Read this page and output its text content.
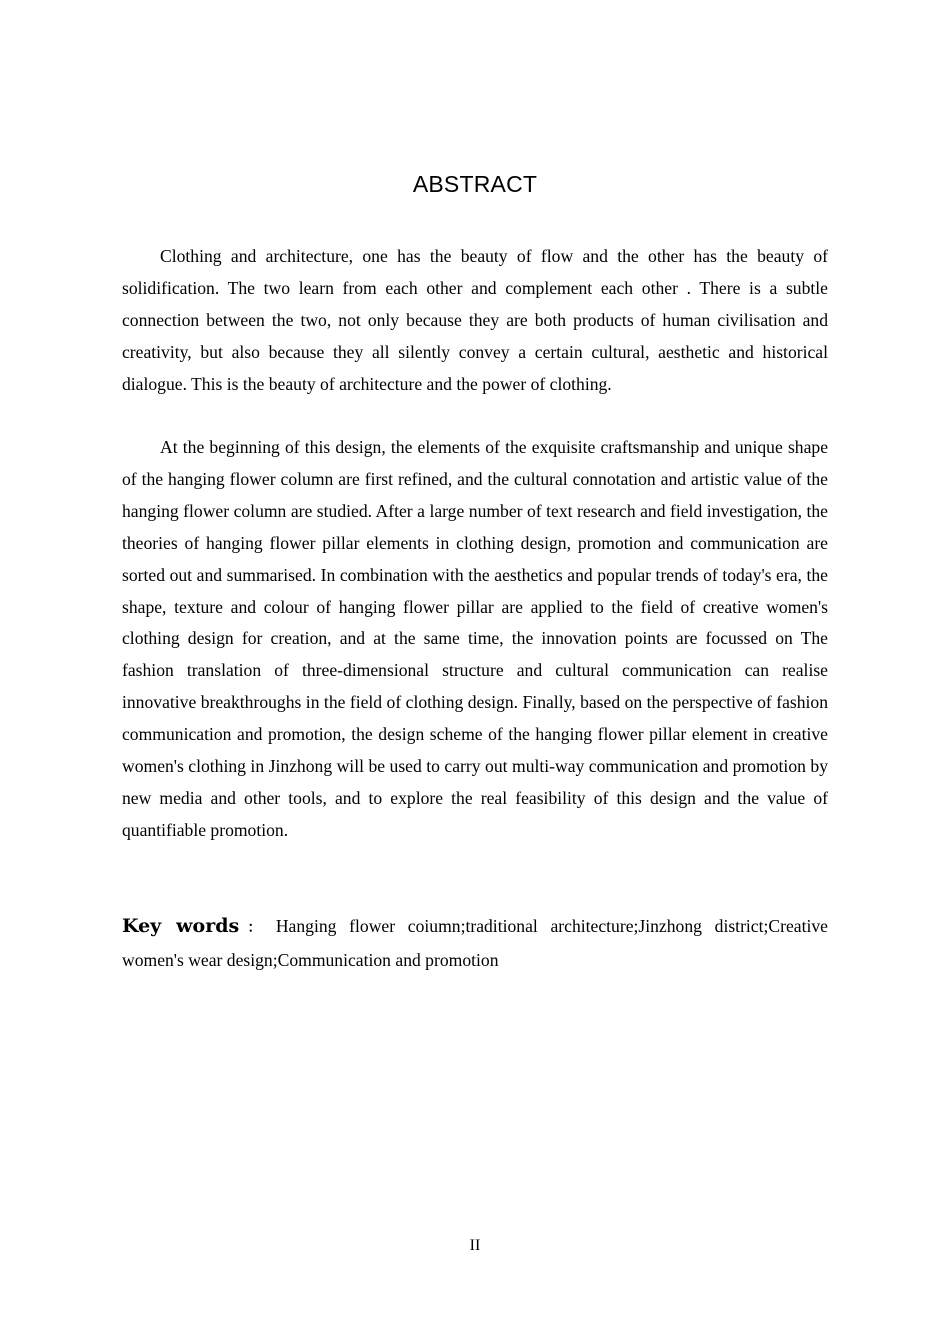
ABSTRACT

Clothing and architecture, one has the beauty of flow and the other has the beauty of solidification. The two learn from each other and complement each other . There is a subtle connection between the two, not only because they are both products of human civilisation and creativity, but also because they all silently convey a certain cultural, aesthetic and historical dialogue. This is the beauty of architecture and the power of clothing.

At the beginning of this design, the elements of the exquisite craftsmanship and unique shape of the hanging flower column are first refined, and the cultural connotation and artistic value of the hanging flower column are studied. After a large number of text research and field investigation, the theories of hanging flower pillar elements in clothing design, promotion and communication are sorted out and summarised. In combination with the aesthetics and popular trends of today's era, the shape, texture and colour of hanging flower pillar are applied to the field of creative women's clothing design for creation, and at the same time, the innovation points are focussed on The fashion translation of three-dimensional structure and cultural communication can realise innovative breakthroughs in the field of clothing design. Finally, based on the perspective of fashion communication and promotion, the design scheme of the hanging flower pillar element in creative women's clothing in Jinzhong will be used to carry out multi-way communication and promotion by new media and other tools, and to explore the real feasibility of this design and the value of quantifiable promotion.

Key words： Hanging flower coiumn;traditional architecture;Jinzhong district;Creative women's wear design;Communication and promotion

II
